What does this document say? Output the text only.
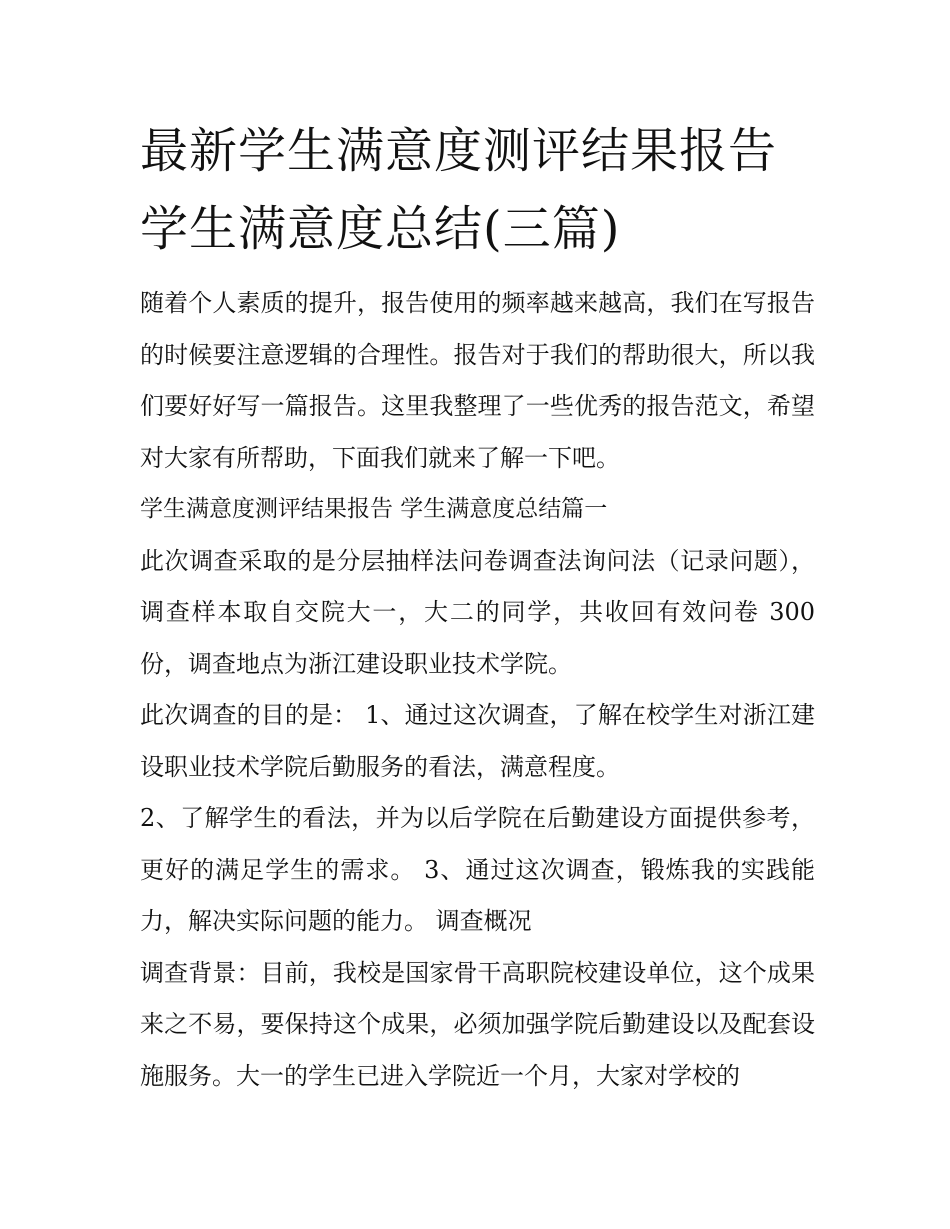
最新学生满意度测评结果报告 学生满意度总结(三篇)

随着个人素质的提升，报告使用的频率越来越高，我们在写报告的时候要注意逻辑的合理性。报告对于我们的帮助很大，所以我们要好好写一篇报告。这里我整理了一些优秀的报告范文，希望对大家有所帮助，下面我们就来了解一下吧。

学生满意度测评结果报告 学生满意度总结篇一

此次调查采取的是分层抽样法问卷调查法询问法（记录问题），调查样本取自交院大一，大二的同学，共收回有效问卷 300 份，调查地点为浙江建设职业技术学院。

此次调查的目的是： 1、通过这次调查，了解在校学生对浙江建设职业技术学院后勤服务的看法，满意程度。

2、了解学生的看法，并为以后学院在后勤建设方面提供参考，更好的满足学生的需求。 3、通过这次调查，锻炼我的实践能力，解决实际问题的能力。 调查概况

调查背景：目前，我校是国家骨干高职院校建设单位，这个成果来之不易，要保持这个成果，必须加强学院后勤建设以及配套设施服务。大一的学生已进入学院近一个月，大家对学校的
